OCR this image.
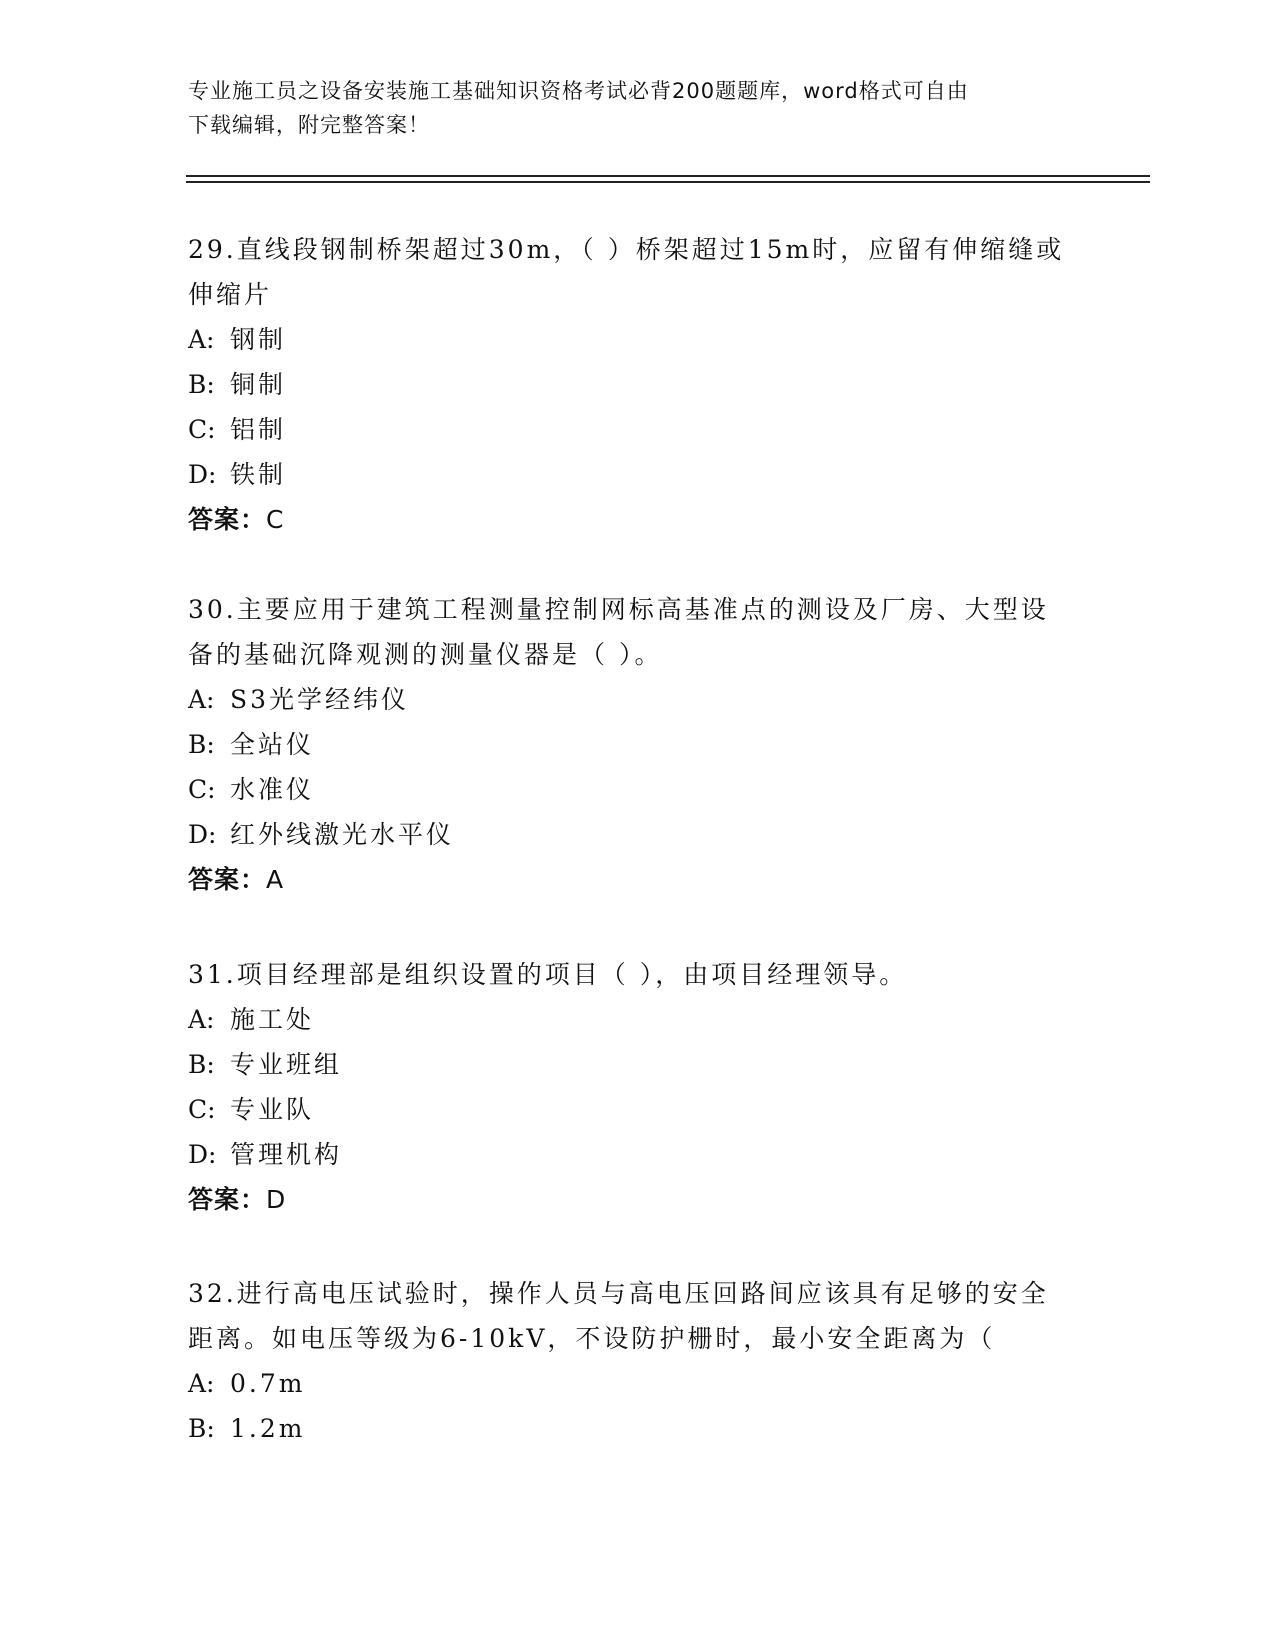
专业施工员之设备安装施工基础知识资格考试必背200题题库，word格式可自由
下载编辑，附完整答案！

29.直线段钢制桥架超过30m，（ ）桥架超过15m时，应留有伸缩缝或

伸缩片

A: 钢制

B: 铜制

C: 铝制

D: 铁制

答案：C

30.主要应用于建筑工程测量控制网标高基准点的测设及厂房、大型设

备的基础沉降观测的测量仪器是（ ）。

A: S3光学经纬仪

B: 全站仪

C: 水准仪

D: 红外线激光水平仪

答案：A

31.项目经理部是组织设置的项目（ ），由项目经理领导。

A: 施工处

B: 专业班组

C: 专业队

D: 管理机构

答案：D

32.进行高电压试验时，操作人员与高电压回路间应该具有足够的安全

距离。如电压等级为6-10kV，不设防护栅时，最小安全距离为（

A: 0.7m

B: 1.2m
